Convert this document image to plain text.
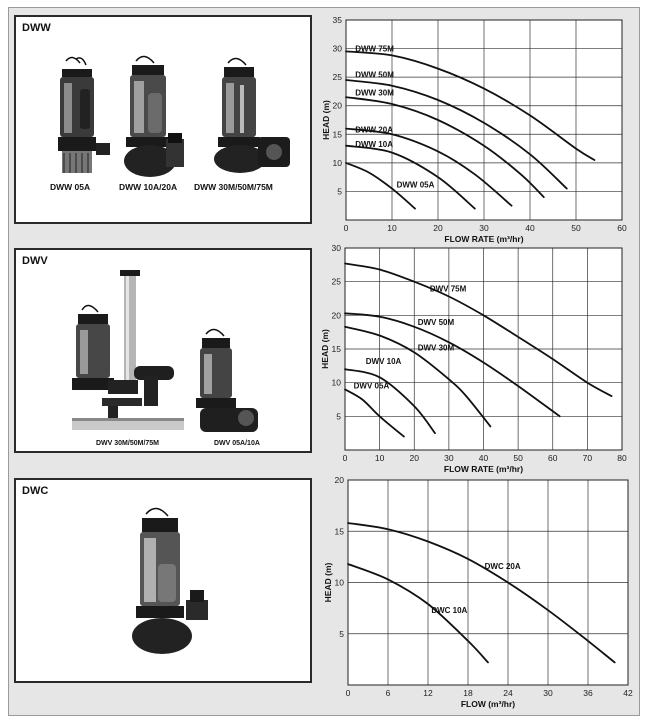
DWW
DWW 05A	DWW 10A/20A DWW 30M/50M/75M
DWV
DWV 30M/50M/75M	DWV 05A/10A
DWC
0	10	20	30	40	50	60
5
10
15
20
25
30
35
FLOW RATE (m³/hr)
HEAD (m)
DWW 75M
DWW 50M
DWW 30M
DWW 20A
DWW 10A
DWW 05A
0	10	20	30	40	50	60	70	80
5
10
15
20
25
30
FLOW RATE (m³/hr)
HEAD (m)
DWV 75M
DWV 50M
DWV 30M
DWV 10A
DWV 05A
0	6	12	18	24	30	36	42
5
10
15
20
FLOW (m³/hr)
HEAD (m)	DWC 20A
DWC 10A
